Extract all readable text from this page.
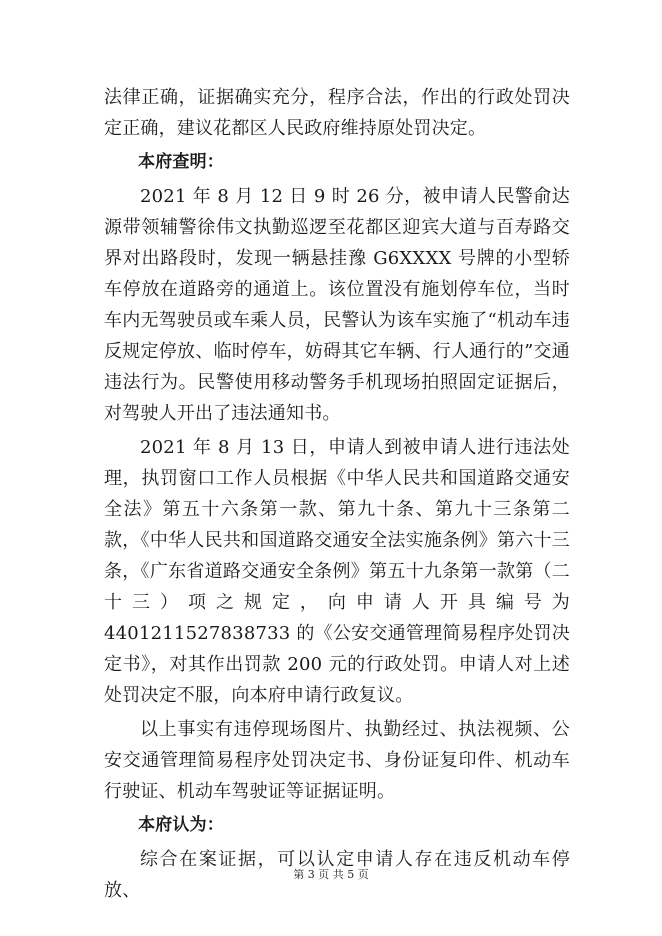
法律正确，证据确实充分，程序合法，作出的行政处罚决定正确，建议花都区人民政府维持原处罚决定。

本府查明：

2021 年 8 月 12 日 9 时 26 分，被申请人民警俞达源带领辅警徐伟文执勤巡逻至花都区迎宾大道与百寿路交界对出路段时，发现一辆悬挂豫 G6XXXX 号牌的小型轿车停放在道路旁的通道上。该位置没有施划停车位，当时车内无驾驶员或车乘人员，民警认为该车实施了“机动车违反规定停放、临时停车，妨碍其它车辆、行人通行的”交通违法行为。民警使用移动警务手机现场拍照固定证据后，对驾驶人开出了违法通知书。

2021 年 8 月 13 日，申请人到被申请人进行违法处理，执罚窗口工作人员根据《中华人民共和国道路交通安全法》第五十六条第一款、第九十条、第九十三条第二款，《中华人民共和国道路交通安全法实施条例》第六十三条，《广东省道路交通安全条例》第五十九条第一款第（二十三）项之规定，向申请人开具编号为 4401211527838733 的《公安交通管理简易程序处罚决定书》，对其作出罚款 200 元的行政处罚。申请人对上述处罚决定不服，向本府申请行政复议。

以上事实有违停现场图片、执勤经过、执法视频、公安交通管理简易程序处罚决定书、身份证复印件、机动车行驶证、机动车驾驶证等证据证明。

本府认为：

综合在案证据，可以认定申请人存在违反机动车停放、

第 3 页 共 5 页
